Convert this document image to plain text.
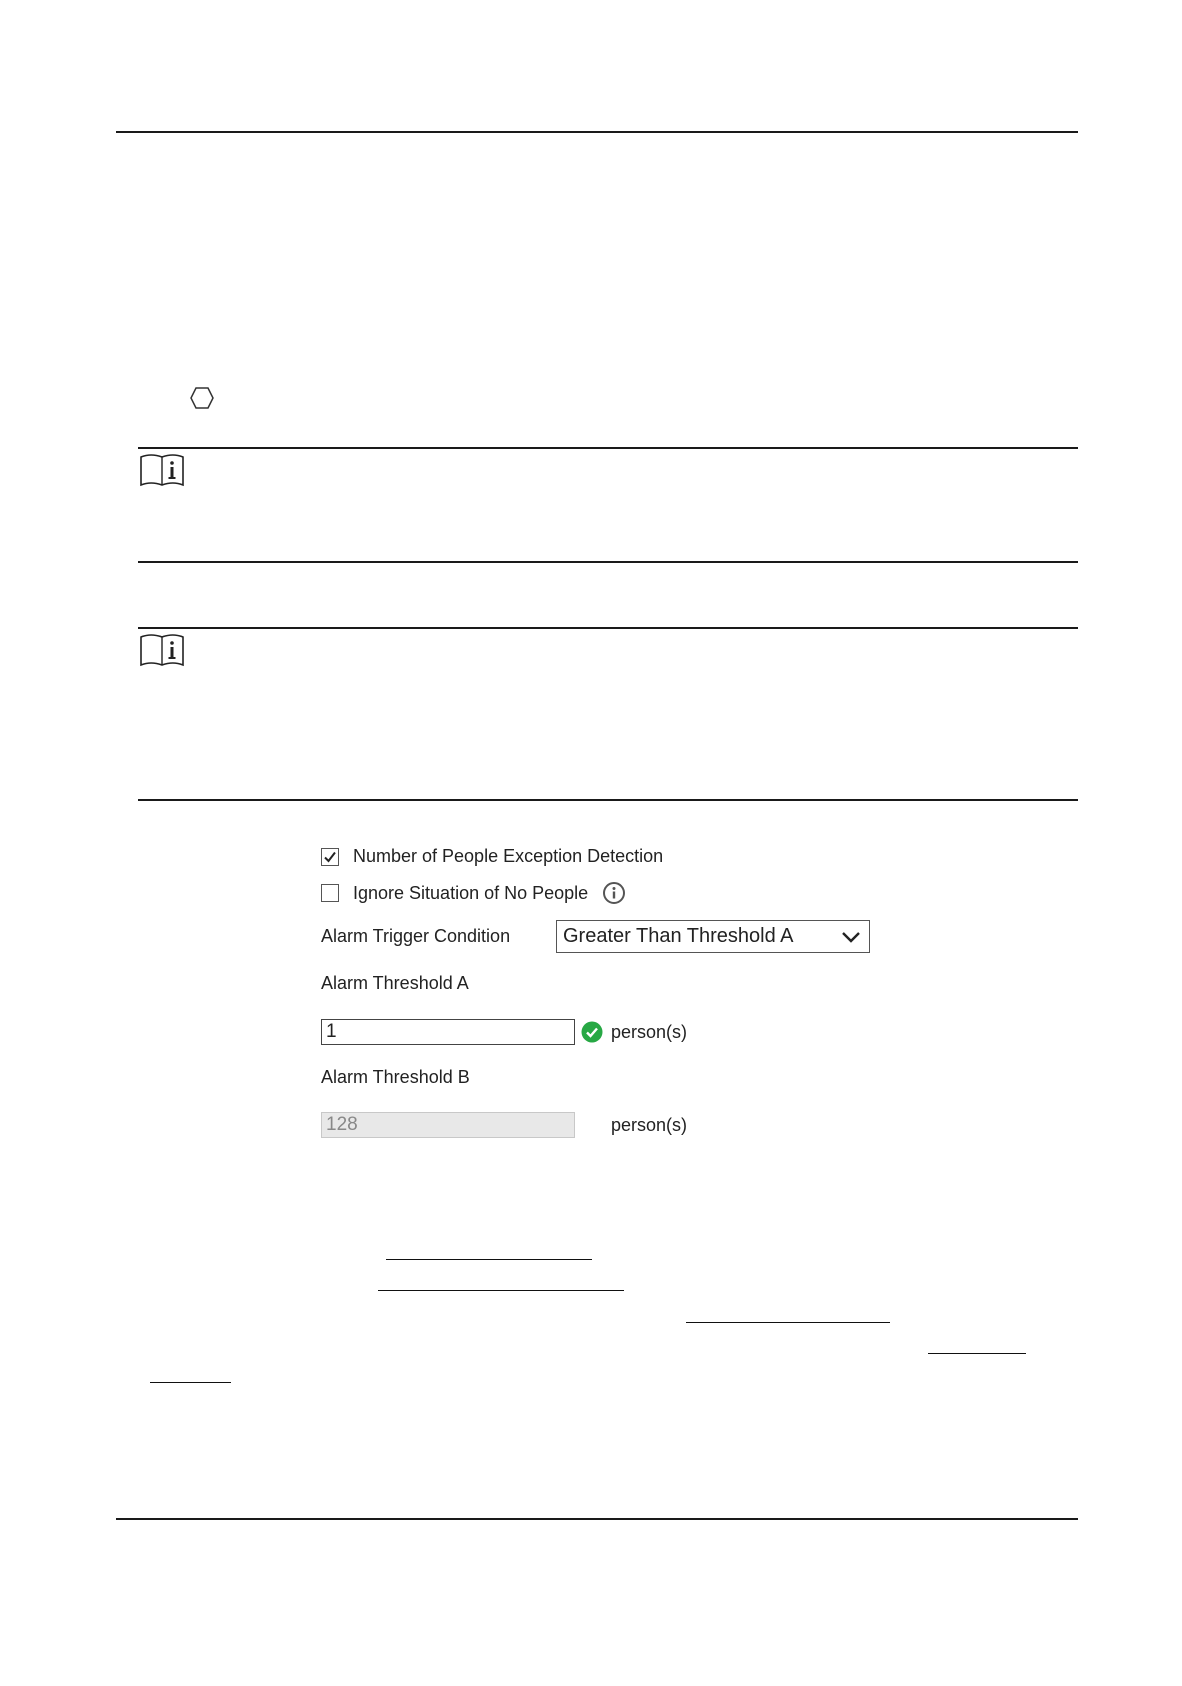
Number of People Exception Detection
Ignore Situation of No People
Alarm Trigger Condition	Greater Than Threshold A
Alarm Threshold A
1	person(s)
Alarm Threshold B
128	person(s)
